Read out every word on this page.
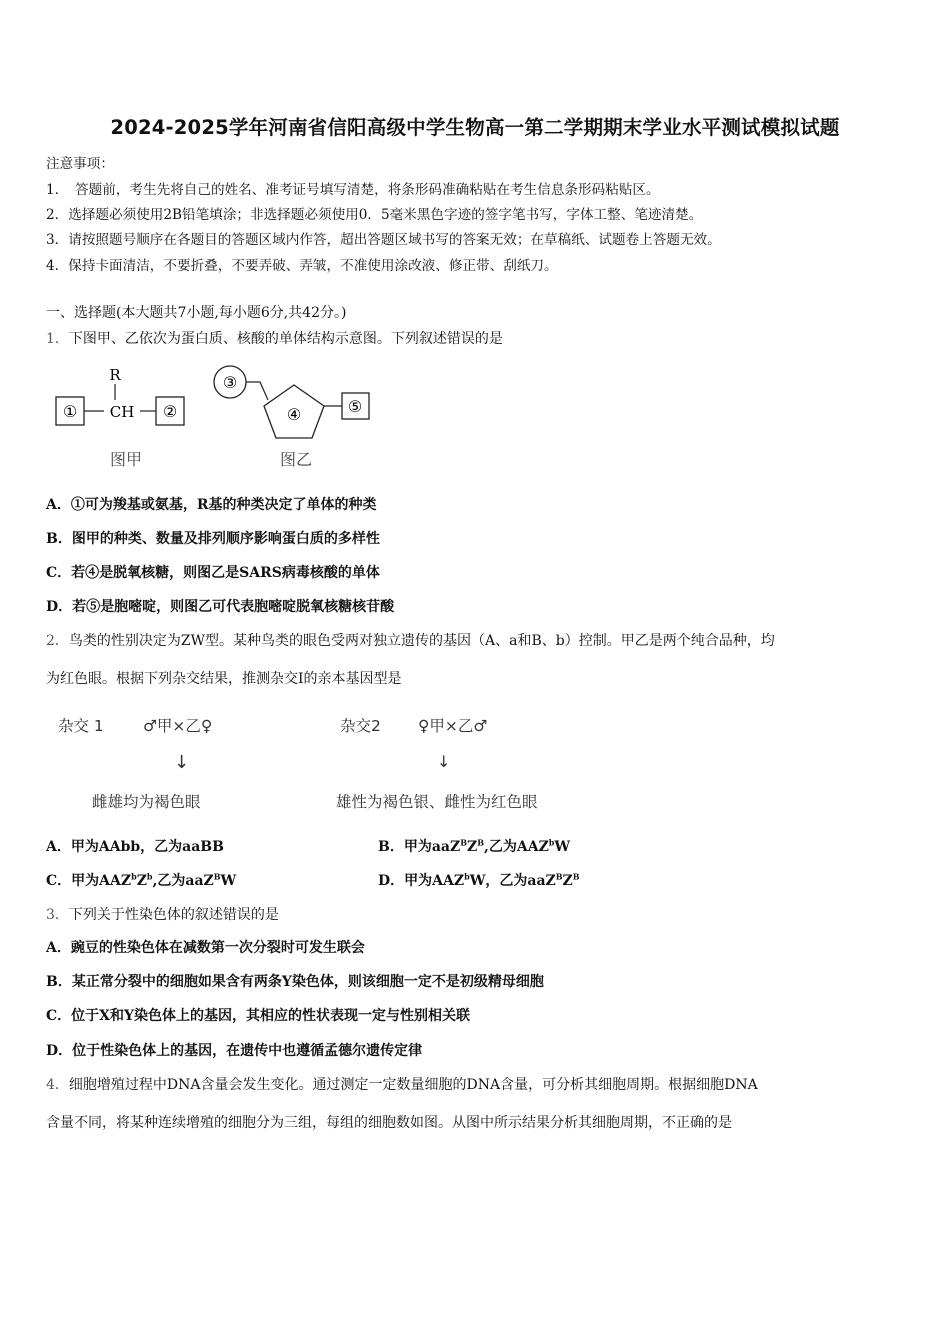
2024-2025学年河南省信阳高级中学生物高一第二学期期末学业水平测试模拟试题
注意事项：
1．　答题前，考生先将自己的姓名、准考证号填写清楚，将条形码准确粘贴在考生信息条形码粘贴区。
2．选择题必须使用2B铅笔填涂；非选择题必须使用0．5毫米黑色字迹的签字笔书写，字体工整、笔迹清楚。
3．请按照题号顺序在各题目的答题区域内作答，超出答题区域书写的答案无效；在草稿纸、试题卷上答题无效。
4．保持卡面清洁，不要折叠，不要弄破、弄皱，不准使用涂改液、修正带、刮纸刀。
一、选择题(本大题共7小题,每小题6分,共42分。)
1．下图甲、乙依次为蛋白质、核酸的单体结构示意图。下列叙述错误的是
①
R
CH ②
图甲
③
④	⑤
图乙
A．①可为羧基或氨基，R基的种类决定了单体的种类
B．图甲的种类、数量及排列顺序影响蛋白质的多样性
C．若④是脱氧核糖，则图乙是SARS病毒核酸的单体
D．若⑤是胞嘧啶，则图乙可代表胞嘧啶脱氧核糖核苷酸
2．鸟类的性别决定为ZW型。某种鸟类的眼色受两对独立遗传的基因（A、a和B、b）控制。甲乙是两个纯合品种，均
为红色眼。根据下列杂交结果，推测杂交I的亲本基因型是
杂交 1	♂甲×乙♀
↓
雌雄均为褐色眼
杂交2 ♀甲×乙♂
↓
雄性为褐色银、雌性为红色眼
A．甲为AAbb，乙为aaBB	B．甲为$aaZ^BZ^B$,乙为AAZ$^b$W
C．甲为$AAZ^bZ^b$,乙为aaZ$^B$W	D．甲为AAZ$^b$W，乙为$aaZ^BZ^B$
3．下列关于性染色体的叙述错误的是
A．豌豆的性染色体在减数第一次分裂时可发生联会
B．某正常分裂中的细胞如果含有两条Y染色体，则该细胞一定不是初级精母细胞
C．位于X和Y染色体上的基因，其相应的性状表现一定与性别相关联
D．位于性染色体上的基因，在遗传中也遵循孟德尔遗传定律
4．细胞增殖过程中DNA含量会发生变化。通过测定一定数量细胞的DNA含量，可分析其细胞周期。根据细胞DNA
含量不同，将某种连续增殖的细胞分为三组，每组的细胞数如图。从图中所示结果分析其细胞周期，不正确的是
